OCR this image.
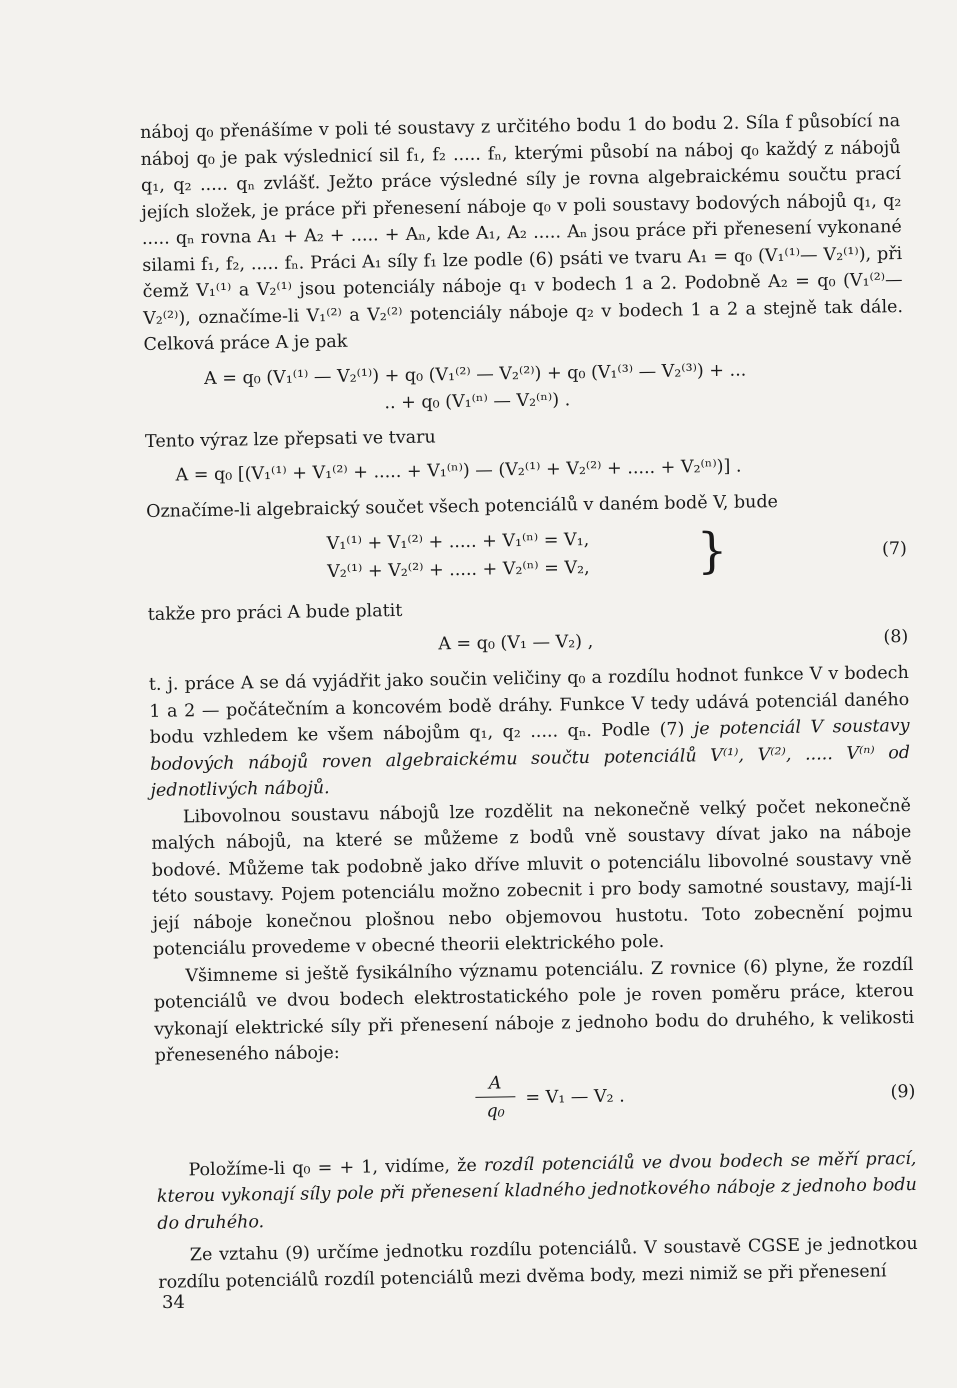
náboj q₀ přenášíme v poli té soustavy z určitého bodu 1 do bodu 2. Síla f působící na náboj q₀ je pak výslednicí sil f₁, f₂ ..... fₙ, kterými působí na náboj q₀ každý z nábojů q₁, q₂ ..... qₙ zvlášť. Ježto práce výsledné síly je rovna algebraickému součtu prací jejích složek, je práce při přenesení náboje q₀ v poli soustavy bodových nábojů q₁, q₂ ..... qₙ rovna A₁ + A₂ + ..... + Aₙ, kde A₁, A₂ ..... Aₙ jsou práce při přenesení vykonané silami f₁, f₂, ..... fₙ. Práci A₁ síly f₁ lze podle (6) psáti ve tvaru A₁ = q₀ (V₁⁽¹⁾— V₂⁽¹⁾), při čemž V₁⁽¹⁾ a V₂⁽¹⁾ jsou potenciály náboje q₁ v bodech 1 a 2. Podobně A₂ = q₀ (V₁⁽²⁾— V₂⁽²⁾), označíme-li V₁⁽²⁾ a V₂⁽²⁾ potenciály náboje q₂ v bodech 1 a 2 a stejně tak dále. Celková práce A je pak

A = q₀ (V₁⁽¹⁾ — V₂⁽¹⁾) + q₀ (V₁⁽²⁾ — V₂⁽²⁾) + q₀ (V₁⁽³⁾ — V₂⁽³⁾) + ...
.. + q₀ (V₁⁽ⁿ⁾ — V₂⁽ⁿ⁾) .

Tento výraz lze přepsati ve tvaru

A = q₀ [(V₁⁽¹⁾ + V₁⁽²⁾ + ..... + V₁⁽ⁿ⁾) — (V₂⁽¹⁾ + V₂⁽²⁾ + ..... + V₂⁽ⁿ⁾)] .

Označíme-li algebraický součet všech potenciálů v daném bodě V, bude

V₁⁽¹⁾ + V₁⁽²⁾ + ..... + V₁⁽ⁿ⁾ = V₁,
V₂⁽¹⁾ + V₂⁽²⁾ + ..... + V₂⁽ⁿ⁾ = V₂, }	(7)

takže pro práci A bude platit

A = q₀ (V₁ — V₂) ,	(8)

t. j. práce A se dá vyjádřit jako součin veličiny q₀ a rozdílu hodnot funkce V v bodech 1 a 2 — počátečním a koncovém bodě dráhy. Funkce V tedy udává potenciál daného bodu vzhledem ke všem nábojům q₁, q₂ ..... qₙ. Podle (7) je potenciál V soustavy bodových nábojů roven algebraickému součtu potenciálů V⁽¹⁾, V⁽²⁾, ..... V⁽ⁿ⁾ od jednotlivých nábojů.

Libovolnou soustavu nábojů lze rozdělit na nekonečně velký počet nekonečně malých nábojů, na které se můžeme z bodů vně soustavy dívat jako na náboje bodové. Můžeme tak podobně jako dříve mluvit o potenciálu libovolné soustavy vně této soustavy. Pojem potenciálu možno zobecnit i pro body samotné soustavy, mají-li její náboje konečnou plošnou nebo objemovou hustotu. Toto zobecnění pojmu potenciálu provedeme v obecné theorii elektrického pole.

Všimneme si ještě fysikálního významu potenciálu. Z rovnice (6) plyne, že rozdíl potenciálů ve dvou bodech elektrostatického pole je roven poměru práce, kterou vykonají elektrické síly při přenesení náboje z jednoho bodu do druhého, k velikosti přeneseného náboje:

$\frac{A}{\text{q₀}} = V_1$ — V₂ .	(9)

Položíme-li q₀ = + 1, vidíme, že rozdíl potenciálů ve dvou bodech se měří prací, kterou vykonají síly pole při přenesení kladného jednotkového náboje z jednoho bodu do druhého.

Ze vztahu (9) určíme jednotku rozdílu potenciálů. V soustavě CGSE je jednotkou rozdílu potenciálů rozdíl potenciálů mezi dvěma body, mezi nimiž se při přenesení

34
